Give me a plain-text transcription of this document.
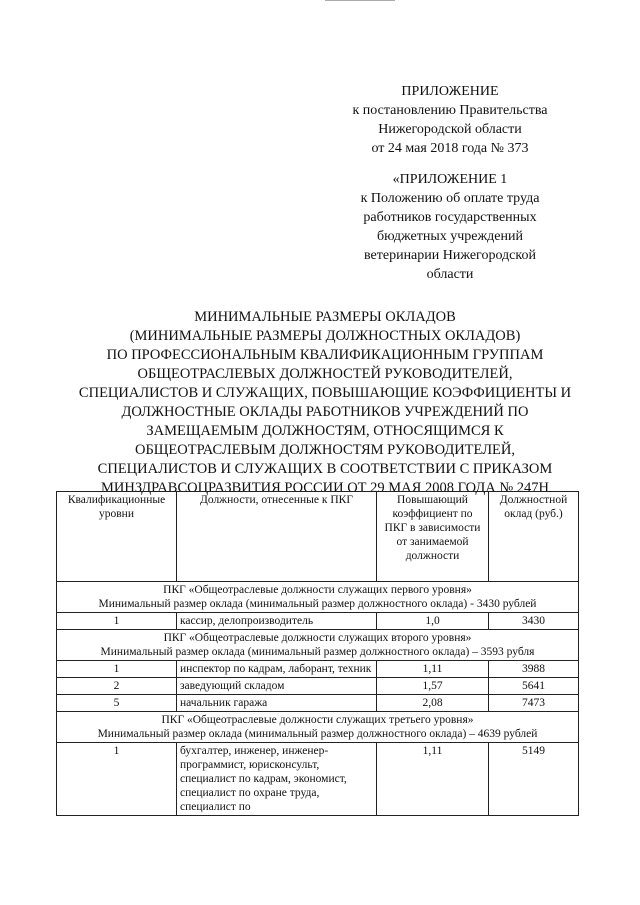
ПРИЛОЖЕНИЕ
к постановлению Правительства
Нижегородской области
от 24 мая 2018 года № 373
«ПРИЛОЖЕНИЕ 1
к Положению об оплате труда
работников государственных
бюджетных учреждений
ветеринарии Нижегородской
области
МИНИМАЛЬНЫЕ РАЗМЕРЫ ОКЛАДОВ
(МИНИМАЛЬНЫЕ РАЗМЕРЫ ДОЛЖНОСТНЫХ ОКЛАДОВ)
ПО ПРОФЕССИОНАЛЬНЫМ КВАЛИФИКАЦИОННЫМ ГРУППАМ
ОБЩЕОТРАСЛЕВЫХ ДОЛЖНОСТЕЙ РУКОВОДИТЕЛЕЙ,
СПЕЦИАЛИСТОВ И СЛУЖАЩИХ, ПОВЫШАЮЩИЕ КОЭФФИЦИЕНТЫ И
ДОЛЖНОСТНЫЕ ОКЛАДЫ РАБОТНИКОВ УЧРЕЖДЕНИЙ ПО
ЗАМЕЩАЕМЫМ ДОЛЖНОСТЯМ, ОТНОСЯЩИМСЯ К
ОБЩЕОТРАСЛЕВЫМ ДОЛЖНОСТЯМ РУКОВОДИТЕЛЕЙ,
СПЕЦИАЛИСТОВ И СЛУЖАЩИХ В СООТВЕТСТВИИ С ПРИКАЗОМ
МИНЗДРАВСОЦРАЗВИТИЯ РОССИИ ОТ 29 МАЯ 2008 ГОДА № 247Н
Квалификационные уровни	Должности, отнесенные к ПКГ	Повышающий коэффициент по ПКГ в зависимости от занимаемой должности	Должностной оклад (руб.)

ПКГ «Общеотраслевые должности служащих первого уровня»
Минимальный размер оклада (минимальный размер должностного оклада) - 3430 рублей			

1	кассир, делопроизводитель	1,0	3430

ПКГ «Общеотраслевые должности служащих второго уровня»
Минимальный размер оклада (минимальный размер должностного оклада) – 3593 рубля			

1	инспектор по кадрам, лаборант, техник	1,11	3988
2	заведующий складом	1,57	5641
5	начальник гаража	2,08	7473

ПКГ «Общеотраслевые должности служащих третьего уровня»
Минимальный размер оклада (минимальный размер должностного оклада) – 4639 рублей			

1	бухгалтер, инженер, инженер-программист, юрисконсульт, специалист по кадрам, экономист, специалист по охране труда, специалист по	1,11	5149
